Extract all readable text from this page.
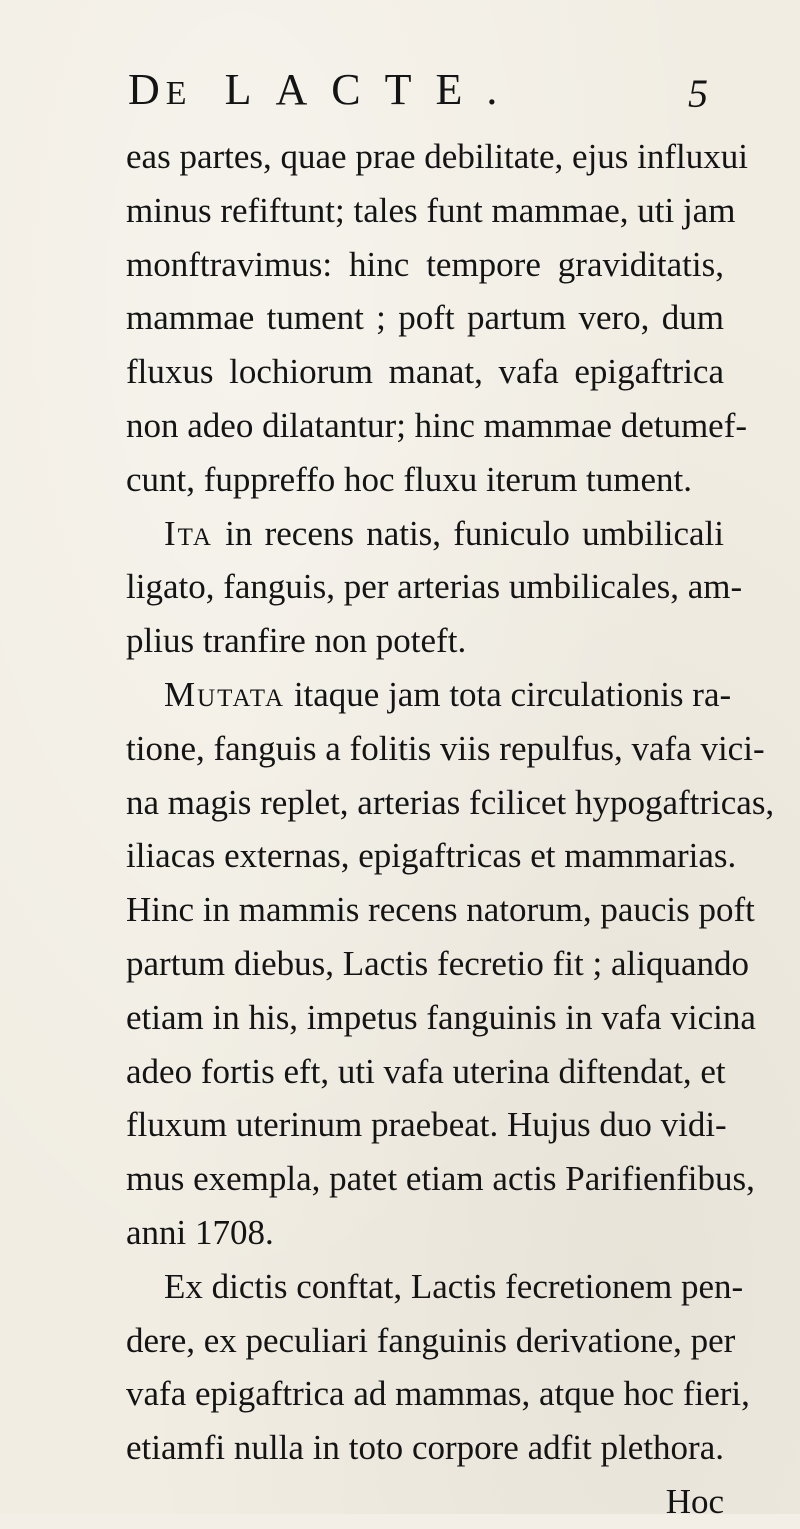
DE LACTE.	5
eas partes, quae prae debilitate, ejus influxui
minus refiftunt; tales funt mammae, uti jam
monftravimus: hinc tempore graviditatis,
mammae tument ; poft partum vero, dum
fluxus lochiorum manat, vafa epigaftrica
non adeo dilatantur; hinc mammae detumef-
cunt, fuppreffo hoc fluxu iterum tument.
Ita in recens natis, funiculo umbilicali
ligato, fanguis, per arterias umbilicales, am-
plius tranfire non poteft.
Mutata itaque jam tota circulationis ra-
tione, fanguis a folitis viis repulfus, vafa vici-
na magis replet, arterias fcilicet hypogaftricas,
iliacas externas, epigaftricas et mammarias.
Hinc in mammis recens natorum, paucis poft
partum diebus, Lactis fecretio fit ; aliquando
etiam in his, impetus fanguinis in vafa vicina
adeo fortis eft, uti vafa uterina diftendat, et
fluxum uterinum praebeat. Hujus duo vidi-
mus exempla, patet etiam actis Parifienfibus,
anni 1708.
Ex dictis conftat, Lactis fecretionem pen-
dere, ex peculiari fanguinis derivatione, per
vafa epigaftrica ad mammas, atque hoc fieri,
etiamfi nulla in toto corpore adfit plethora.
Hoc
